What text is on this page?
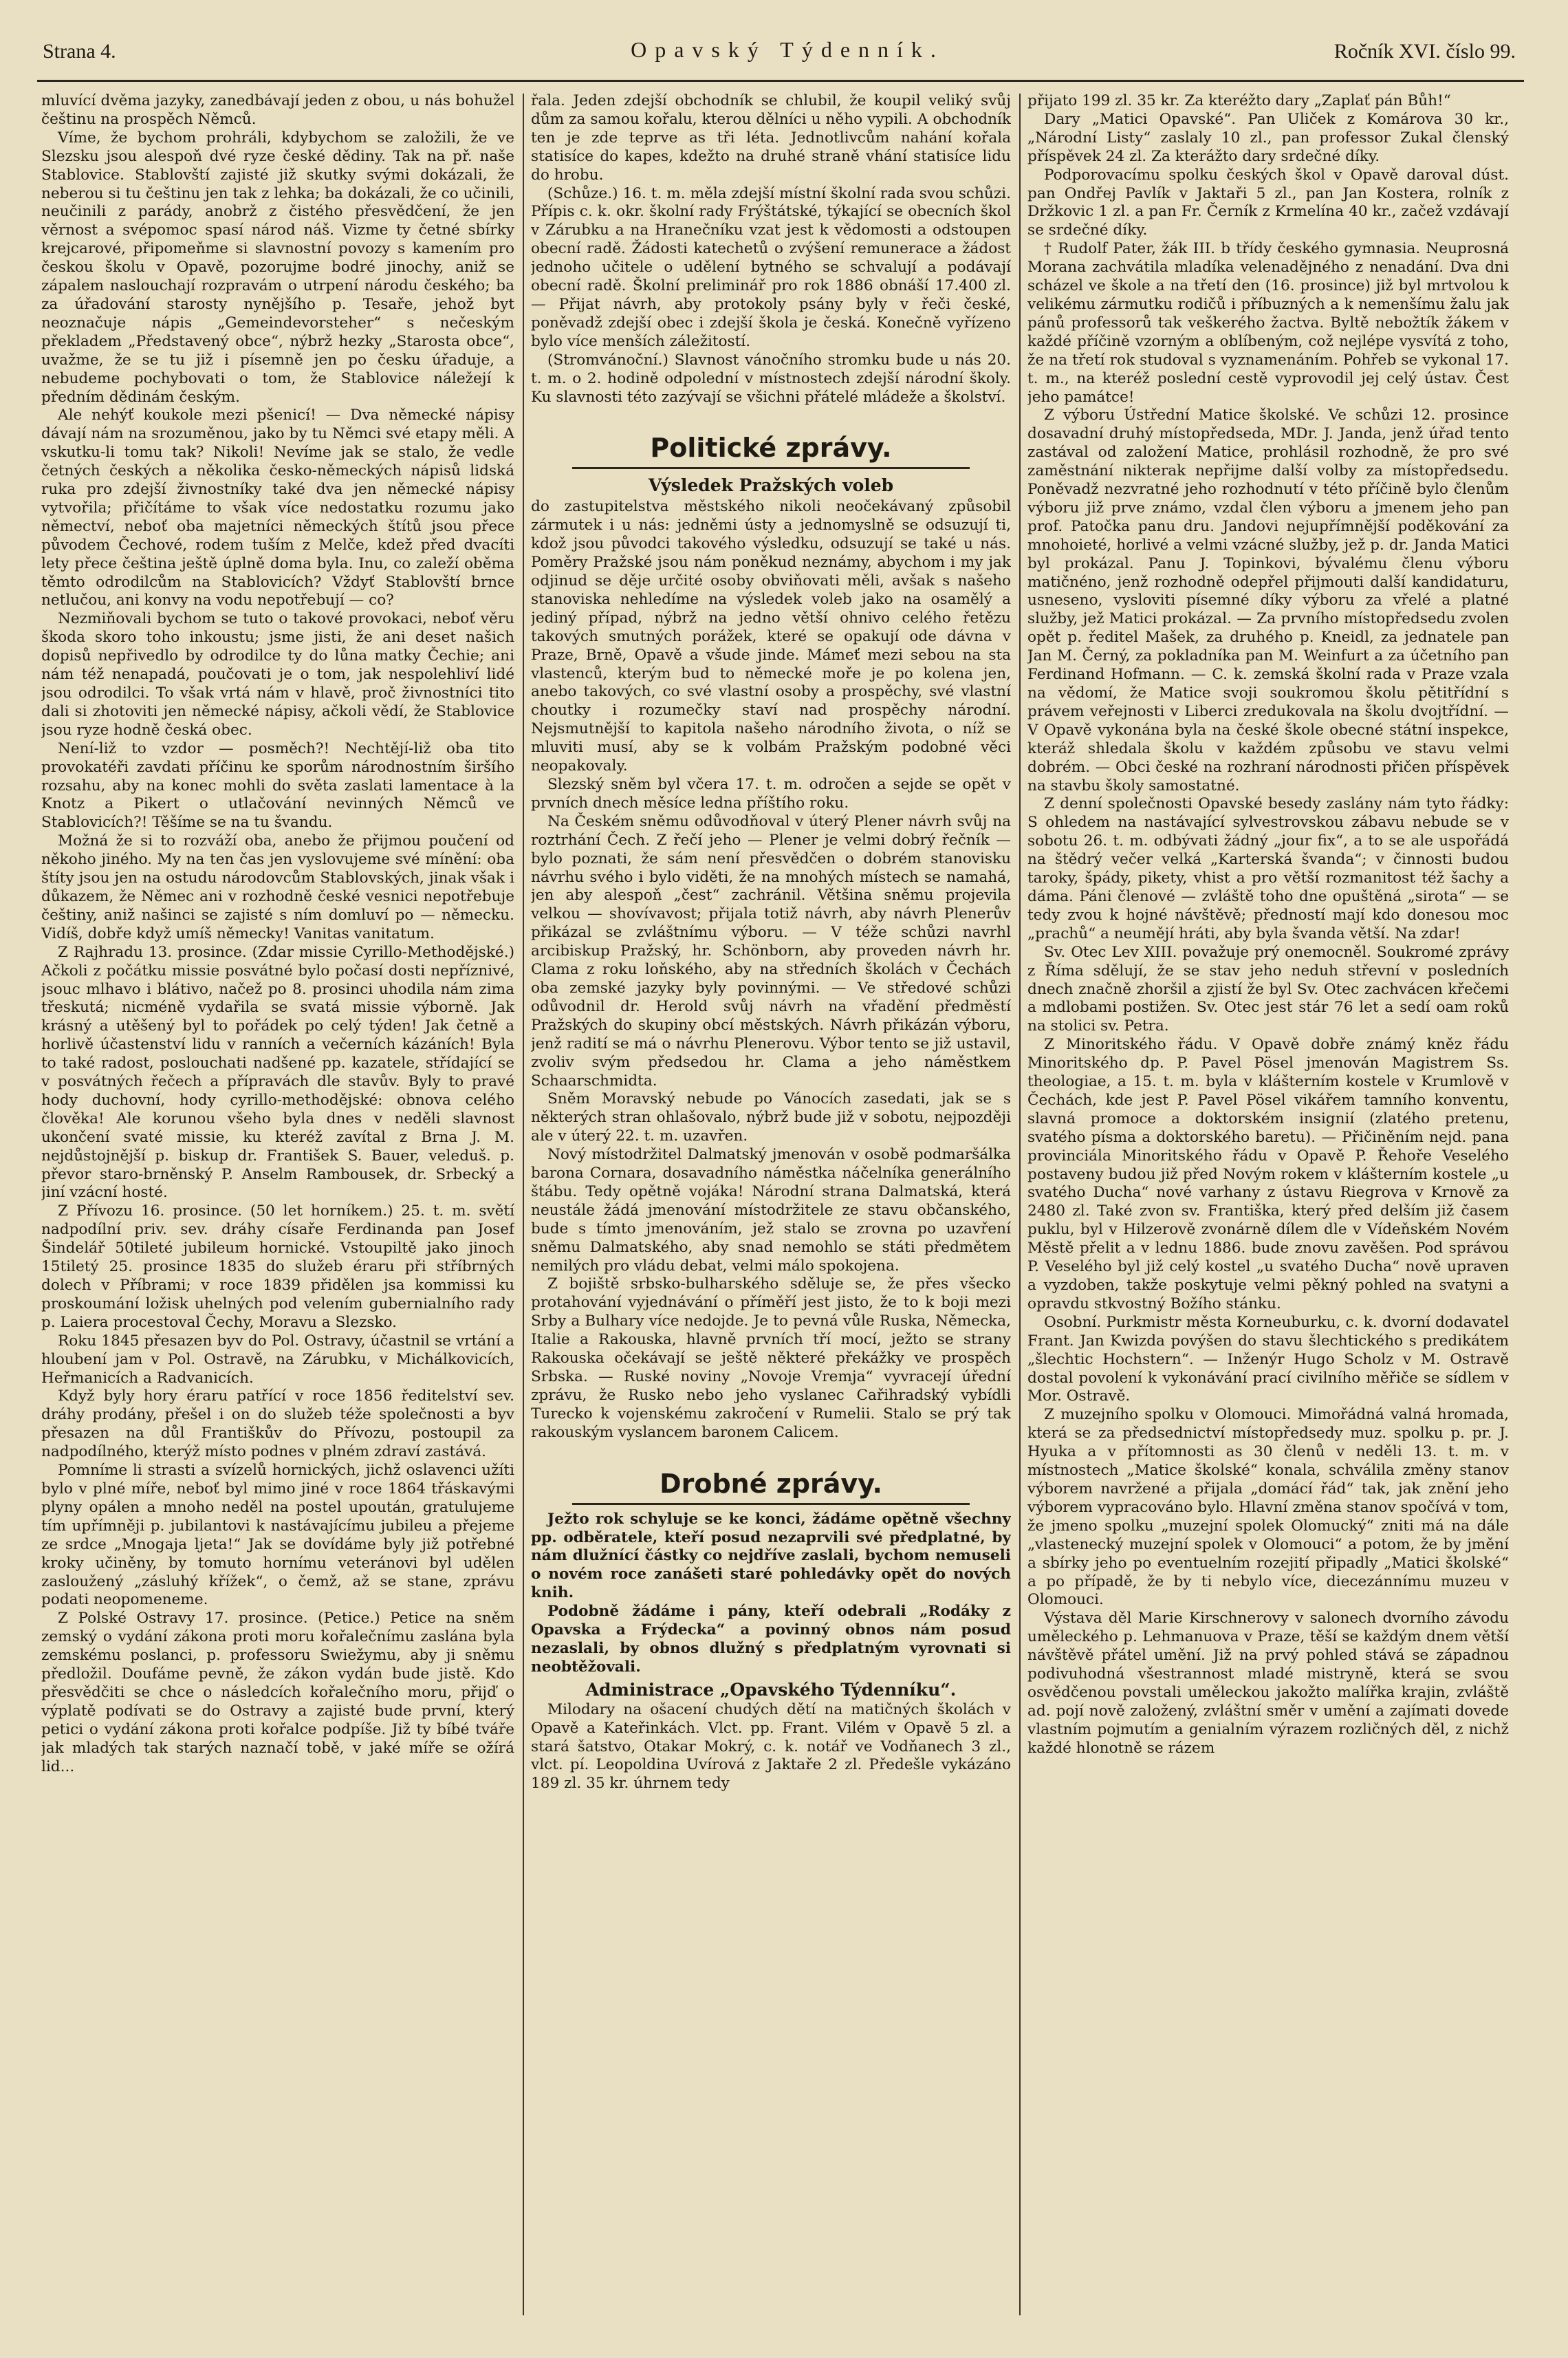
Strana 4.	Opavský Týdenník.	Ročník XVI. číslo 99.

mluvící dvěma jazyky, zanedbávají jeden z obou, u nás bohužel češtinu na prospěch Němců.

Víme, že bychom prohráli, kdybychom se založili, že ve Slezsku jsou alespoň dvé ryze české dědiny. Tak na př. naše Stablovice. Stablovští zajisté již skutky svými dokázali, že neberou si tu češtinu jen tak z lehka; ba dokázali, že co učinili, neučinili z parády, anobrž z čistého přesvědčení, že jen věrnost a svépomoc spasí národ náš. Vizme ty četné sbírky krejcarové, připomeňme si slavnostní povozy s kamením pro českou školu v Opavě, pozorujme bodré jinochy, aniž se zápalem naslouchají rozpravám o utrpení národu českého; ba za úřadování starosty nynějšího p. Tesaře, jehož byt neoznačuje nápis „Gemeindevorsteher“ s nečeským překladem „Představený obce“, nýbrž hezky „Starosta obce“, uvažme, že se tu již i písemně jen po česku úřaduje, a nebudeme pochybovati o tom, že Stablovice náležejí k předním dědinám českým.

Ale nehýť koukole mezi pšenicí! — Dva německé nápisy dávají nám na srozuměnou, jako by tu Němci své etapy měli. A vskutku-li tomu tak? Nikoli! Nevíme jak se stalo, že vedle četných českých a několika česko-německých nápisů lidská ruka pro zdejší živnostníky také dva jen německé nápisy vytvořila; přičítáme to však více nedostatku rozumu jako němectví, neboť oba majetníci německých štítů jsou přece původem Čechové, rodem tuším z Melče, kdež před dvacíti lety přece čeština ještě úplně doma byla. Inu, co zaleží oběma těmto odrodilcům na Stablovicích? Vždyť Stablovští brnce netlučou, ani konvy na vodu nepotřebují — co?

Nezmiňovali bychom se tuto o takové provokaci, neboť věru škoda skoro toho inkoustu; jsme jisti, že ani deset našich dopisů nepřivedlo by odrodilce ty do lůna matky Čechie; ani nám též nenapadá, poučovati je o tom, jak nespolehliví lidé jsou odrodilci. To však vrtá nám v hlavě, proč živnostníci tito dali si zhotoviti jen německé nápisy, ačkoli vědí, že Stablovice jsou ryze hodně česká obec.

Není-liž to vzdor — posměch?! Nechtějí-liž oba tito provokatéři zavdati příčinu ke sporům národnostním širšího rozsahu, aby na konec mohli do světa zaslati lamentace à la Knotz a Pikert o utlačování nevinných Němců ve Stablovicích?! Těšíme se na tu švandu.

Možná že si to rozváží oba, anebo že přijmou poučení od někoho jiného. My na ten čas jen vyslovujeme své mínění: oba štíty jsou jen na ostudu národovcům Stablovských, jinak však i důkazem, že Němec ani v rozhodně české vesnici nepotřebuje češtiny, aniž našinci se zajisté s ním domluví po — německu. Vidíš, dobře když umíš německy! Vanitas vanitatum.

Z Rajhradu 13. prosince. (Zdar missie Cyrillo-Methodějské.) Ačkoli z počátku missie posvátné bylo počasí dosti nepříznivé, jsouc mlhavo i blátivo, načež po 8. prosinci uhodila nám zima třeskutá; nicméně vydařila se svatá missie výborně. Jak krásný a utěšený byl to pořádek po celý týden! Jak četně a horlivě účastenství lidu v ranních a večerních kázáních! Byla to také radost, poslouchati nadšené pp. kazatele, střídající se v posvátných řečech a přípravách dle stavův. Byly to pravé hody duchovní, hody cyrillo-methodějské: obnova celého člověka! Ale korunou všeho byla dnes v neděli slavnost ukončení svaté missie, ku kteréž zavítal z Brna J. M. nejdůstojnější p. biskup dr. František S. Bauer, veleduš. p. převor staro-brněnský P. Anselm Rambousek, dr. Srbecký a jiní vzácní hosté.

Z Přívozu 16. prosince. (50 let horníkem.) 25. t. m. světí nadpodílní priv. sev. dráhy císaře Ferdinanda pan Josef Šindelář 50tileté jubileum hornické. Vstoupiltě jako jinoch 15tiletý 25. prosince 1835 do služeb éraru při stříbrných dolech v Příbrami; v roce 1839 přidělen jsa kommissi ku proskoumání ložisk uhelných pod velením gubernialního rady p. Laiera procestoval Čechy, Moravu a Slezsko.

Roku 1845 přesazen byv do Pol. Ostravy, účastnil se vrtání a hloubení jam v Pol. Ostravě, na Zárubku, v Michálkovicích, Heřmanicích a Radvanicích.

Když byly hory éraru patřící v roce 1856 ředitelství sev. dráhy prodány, přešel i on do služeb téže společnosti a byv přesazen na důl Františkův do Přívozu, postoupil za nadpodílného, kterýž místo podnes v plném zdraví zastává.

Pomníme li strasti a svízelů hornických, jichž oslavenci užíti bylo v plné míře, neboť byl mimo jiné v roce 1864 třáskavými plyny opálen a mnoho neděl na postel upoután, gratulujeme tím upřímněji p. jubilantovi k nastávajícímu jubileu a přejeme ze srdce „Mnogaja ljeta!“ Jak se dovídáme byly již potřebné kroky učiněny, by tomuto hornímu veteránovi byl udělen zasloužený „zásluhý křížek“, o čemž, až se stane, zprávu podati neopomeneme.

Z Polské Ostravy 17. prosince. (Petice.) Petice na sněm zemský o vydání zákona proti moru kořalečnímu zaslána byla zemskému poslanci, p. professoru Swiežymu, aby ji sněmu předložil. Doufáme pevně, že zákon vydán bude jistě. Kdo přesvědčiti se chce o následcích kořalečního moru, přijď o výplatě podívati se do Ostravy a zajisté bude první, který petici o vydání zákona proti kořalce podpíše. Již ty bíbé tváře jak mladých tak starých naznačí tobě, v jaké míře se ožírá lid...

řala. Jeden zdejší obchodník se chlubil, že koupil veliký svůj dům za samou kořalu, kterou dělníci u něho vypili. A obchodník ten je zde teprve as tři léta. Jednotlivcům nahání kořala statisíce do kapes, kdežto na druhé straně vhání statisíce lidu do hrobu.

(Schůze.) 16. t. m. měla zdejší místní školní rada svou schůzi. Přípis c. k. okr. školní rady Frýštátské, týkající se obecních škol v Zárubku a na Hranečníku vzat jest k vědomosti a odstoupen obecní radě. Žádosti katechetů o zvýšení remunerace a žádost jednoho učitele o udělení bytného se schvalují a podávají obecní radě. Školní preliminář pro rok 1886 obnáší 17.400 zl. — Přijat návrh, aby protokoly psány byly v řeči české, poněvadž zdejší obec i zdejší škola je česká. Konečně vyřízeno bylo více menších záležitostí.

(Stromvánoční.) Slavnost vánočního stromku bude u nás 20. t. m. o 2. hodině odpolední v místnostech zdejší národní školy. Ku slavnosti této zazývají se všichni přátelé mládeže a školství.

Politické zprávy.
Výsledek Pražských voleb

do zastupitelstva městského nikoli neočekávaný způsobil zármutek i u nás: jedněmi ústy a jednomyslně se odsuzují ti, kdož jsou původci takového výsledku, odsuzují se také u nás. Poměry Pražské jsou nám poněkud neznámy, abychom i my jak odjinud se děje určité osoby obviňovati měli, avšak s našeho stanoviska nehledíme na výsledek voleb jako na osamělý a jediný případ, nýbrž na jedno větší ohnivo celého řetězu takových smutných porážek, které se opakují ode dávna v Praze, Brně, Opavě a všude jinde. Mámeť mezi sebou na sta vlastenců, kterým bud to německé moře je po kolena jen, anebo takových, co své vlastní osoby a prospěchy, své vlastní choutky i rozumečky staví nad prospěchy národní. Nejsmutnější to kapitola našeho národního života, o níž se mluviti musí, aby se k volbám Pražským podobné věci neopakovaly.

Slezský sněm byl včera 17. t. m. odročen a sejde se opět v prvních dnech měsíce ledna příštího roku.

Na Českém sněmu odůvodňoval v úterý Plener návrh svůj na roztrhání Čech. Z řečí jeho — Plener je velmi dobrý řečník — bylo poznati, že sám není přesvědčen o dobrém stanovisku návrhu svého i bylo viděti, že na mnohých místech se namahá, jen aby alespoň „čest“ zachránil. Většina sněmu projevila velkou — shovívavost; přijala totiž návrh, aby návrh Plenerův přikázal se zvláštnímu výboru. — V téže schůzi navrhl arcibiskup Pražský, hr. Schönborn, aby proveden návrh hr. Clama z roku loňského, aby na středních školách v Čechách oba zemské jazyky byly povinnými. — Ve středové schůzi odůvodnil dr. Herold svůj návrh na vřadění předměstí Pražských do skupiny obcí městských. Návrh přikázán výboru, jenž radití se má o návrhu Plenerovu. Výbor tento se již ustavil, zvoliv svým předsedou hr. Clama a jeho náměstkem Schaarschmidta.

Sněm Moravský nebude po Vánocích zasedati, jak se s některých stran ohlašovalo, nýbrž bude již v sobotu, nejpozději ale v úterý 22. t. m. uzavřen.

Nový místodržitel Dalmatský jmenován v osobě podmaršálka barona Cornara, dosavadního náměstka náčelníka generálního štábu. Tedy opětně vojáka! Národní strana Dalmatská, která neustále žádá jmenování místodržitele ze stavu občanského, bude s tímto jmenováním, jež stalo se zrovna po uzavření sněmu Dalmatského, aby snad nemohlo se státi předmětem nemilých pro vládu debat, velmi málo spokojena.

Z bojiště srbsko-bulharského sděluje se, že přes všecko protahování vyjednávání o příměří jest jisto, že to k boji mezi Srby a Bulhary více nedojde. Je to pevná vůle Ruska, Německa, Italie a Rakouska, hlavně prvních tří mocí, ježto se strany Rakouska očekávají se ještě některé překážky ve prospěch Srbska. — Ruské noviny „Novoje Vremja“ vyvracejí úřední zprávu, že Rusko nebo jeho vyslanec Cařihradský vybídli Turecko k vojenskému zakročení v Rumelii. Stalo se prý tak rakouským vyslancem baronem Calicem.

Drobné zprávy.

Ježto rok schyluje se ke konci, žádáme opětně všechny pp. odběratele, kteří posud nezaprvili své předplatné, by nám dlužnící částky co nejdříve zaslali, bychom nemuseli o novém roce zanášeti staré pohledávky opět do nových knih.

Podobně žádáme i pány, kteří odebrali „Rodáky z Opavska a Frýdecka“ a povinný obnos nám posud nezaslali, by obnos dlužný s předplatným vyrovnati si neobtěžovali.

Administrace „Opavského Týdenníku“.

Milodary na ošacení chudých dětí na matičných školách v Opavě a Kateřinkách. Vlct. pp. Frant. Vilém v Opavě 5 zl. a stará šatstvo, Otakar Mokrý, c. k. notář ve Vodňanech 3 zl., vlct. pí. Leopoldina Uvírová z Jaktaře 2 zl. Předešle vykázáno 189 zl. 35 kr. úhrnem tedy

přijato 199 zl. 35 kr. Za kteréžto dary „Zaplať pán Bůh!“

Dary „Matici Opavské“. Pan Uliček z Komárova 30 kr., „Národní Listy“ zaslaly 10 zl., pan professor Zukal členský příspěvek 24 zl. Za kterážto dary srdečné díky.

Podporovacímu spolku českých škol v Opavě daroval dúst. pan Ondřej Pavlík v Jaktaři 5 zl., pan Jan Kostera, rolník z Držkovic 1 zl. a pan Fr. Černík z Krmelína 40 kr., začež vzdávají se srdečné díky.

† Rudolf Pater, žák III. b třídy českého gymnasia. Neuprosná Morana zachvátila mladíka velenadějného z nenadání. Dva dni scházel ve škole a na třetí den (16. prosince) již byl mrtvolou k velikému zármutku rodičů i příbuzných a k nemenšímu žalu jak pánů professorů tak veškerého žactva. Byltě nebožtík žákem v každé příčině vzorným a oblíbeným, což nejlépe vysvítá z toho, že na třetí rok studoval s vyznamenáním. Pohřeb se vykonal 17. t. m., na kteréž poslední cestě vyprovodil jej celý ústav. Čest jeho památce!

Z výboru Ústřední Matice školské. Ve schůzi 12. prosince dosavadní druhý místopředseda, MDr. J. Janda, jenž úřad tento zastával od založení Matice, prohlásil rozhodně, že pro své zaměstnání nikterak nepřijme další volby za místopředsedu. Poněvadž nezvratné jeho rozhodnutí v této příčině bylo členům výboru již prve známo, vzdal člen výboru a jmenem jeho pan prof. Patočka panu dru. Jandovi nejupřímnější poděkování za mnohoieté, horlivé a velmi vzácné služby, jež p. dr. Janda Matici byl prokázal. Panu J. Topinkovi, bývalému členu výboru matičnéno, jenž rozhodně odepřel přijmouti další kandidaturu, usneseno, vysloviti písemné díky výboru za vřelé a platné služby, jež Matici prokázal. — Za prvního místopředsedu zvolen opět p. ředitel Mašek, za druhého p. Kneidl, za jednatele pan Jan M. Černý, za pokladníka pan M. Weinfurt a za účetního pan Ferdinand Hofmann. — C. k. zemská školní rada v Praze vzala na vědomí, že Matice svoji soukromou školu pětitřídní s právem veřejnosti v Liberci zredukovala na školu dvojtřídní. — V Opavě vykonána byla na české škole obecné státní inspekce, kteráž shledala školu v každém způsobu ve stavu velmi dobrém. — Obci české na rozhraní národnosti přičen příspěvek na stavbu školy samostatné.

Z denní společnosti Opavské besedy zaslány nám tyto řádky: S ohledem na nastávající sylvestrovskou zábavu nebude se v sobotu 26. t. m. odbývati žádný „jour fix“, a to se ale uspořádá na štědrý večer velká „Karterská švanda“; v činnosti budou taroky, špády, pikety, vhist a pro větší rozmanitost též šachy a dáma. Páni členové — zvláště toho dne opuštěná „sirota“ — se tedy zvou k hojné návštěvě; předností mají kdo donesou moc „prachů“ a neumějí hráti, aby byla švanda větší. Na zdar!

Sv. Otec Lev XIII. považuje prý onemocněl. Soukromé zprávy z Říma sdělují, že se stav jeho neduh střevní v posledních dnech značně zhoršil a zjistí že byl Sv. Otec zachvácen křečemi a mdlobami postižen. Sv. Otec jest stár 76 let a sedí oam roků na stolici sv. Petra.

Z Minoritského řádu. V Opavě dobře známý kněz řádu Minoritského dp. P. Pavel Pösel jmenován Magistrem Ss. theologiae, a 15. t. m. byla v klášterním kostele v Krumlově v Čechách, kde jest P. Pavel Pösel vikářem tamního konventu, slavná promoce a doktorském insignií (zlatého pretenu, svatého písma a doktorského baretu). — Přičiněním nejd. pana provinciála Minoritského řádu v Opavě P. Řehoře Veselého postaveny budou již před Novým rokem v klášterním kostele „u svatého Ducha“ nové varhany z ústavu Riegrova v Krnově za 2480 zl. Také zvon sv. Františka, který před delším již časem puklu, byl v Hilzerově zvonárně dílem dle v Vídeňském Novém Městě přelit a v lednu 1886. bude znovu zavěšen. Pod správou P. Veselého byl již celý kostel „u svatého Ducha“ nově upraven a vyzdoben, takže poskytuje velmi pěkný pohled na svatyni a opravdu stkvostný Božího stánku.

Osobní. Purkmistr města Korneuburku, c. k. dvorní dodavatel Frant. Jan Kwizda povýšen do stavu šlechtického s predikátem „šlechtic Hochstern“. — Inženýr Hugo Scholz v M. Ostravě dostal povolení k vykonávání prací civilního měřiče se sídlem v Mor. Ostravě.

Z muzejního spolku v Olomouci. Mimořádná valná hromada, která se za předsednictví místopředsedy muz. spolku p. pr. J. Hyuka a v přítomnosti as 30 členů v neděli 13. t. m. v místnostech „Matice školské“ konala, schválila změny stanov výborem navržené a přijala „domácí řád“ tak, jak znění jeho výborem vypracováno bylo. Hlavní změna stanov spočívá v tom, že jmeno spolku „muzejní spolek Olomucký“ zniti má na dále „vlastenecký muzejní spolek v Olomouci“ a potom, že by jmění a sbírky jeho po eventuelním rozejití připadly „Matici školské“ a po případě, že by ti nebylo více, diecezánnímu muzeu v Olomouci.

Výstava děl Marie Kirschnerovy v salonech dvorního závodu uměleckého p. Lehmanuova v Praze, těší se každým dnem větší návštěvě přátel umění. Již na prvý pohled stává se západnou podivuhodná všestrannost mladé mistryně, která se svou osvědčenou povstali uměleckou jakožto malířka krajin, zvláště ad. pojí nově založený, zvláštní směr v umění a zajímati dovede vlastním pojmutím a genialním výrazem rozličných děl, z nichž každé hlonotně se rázem
